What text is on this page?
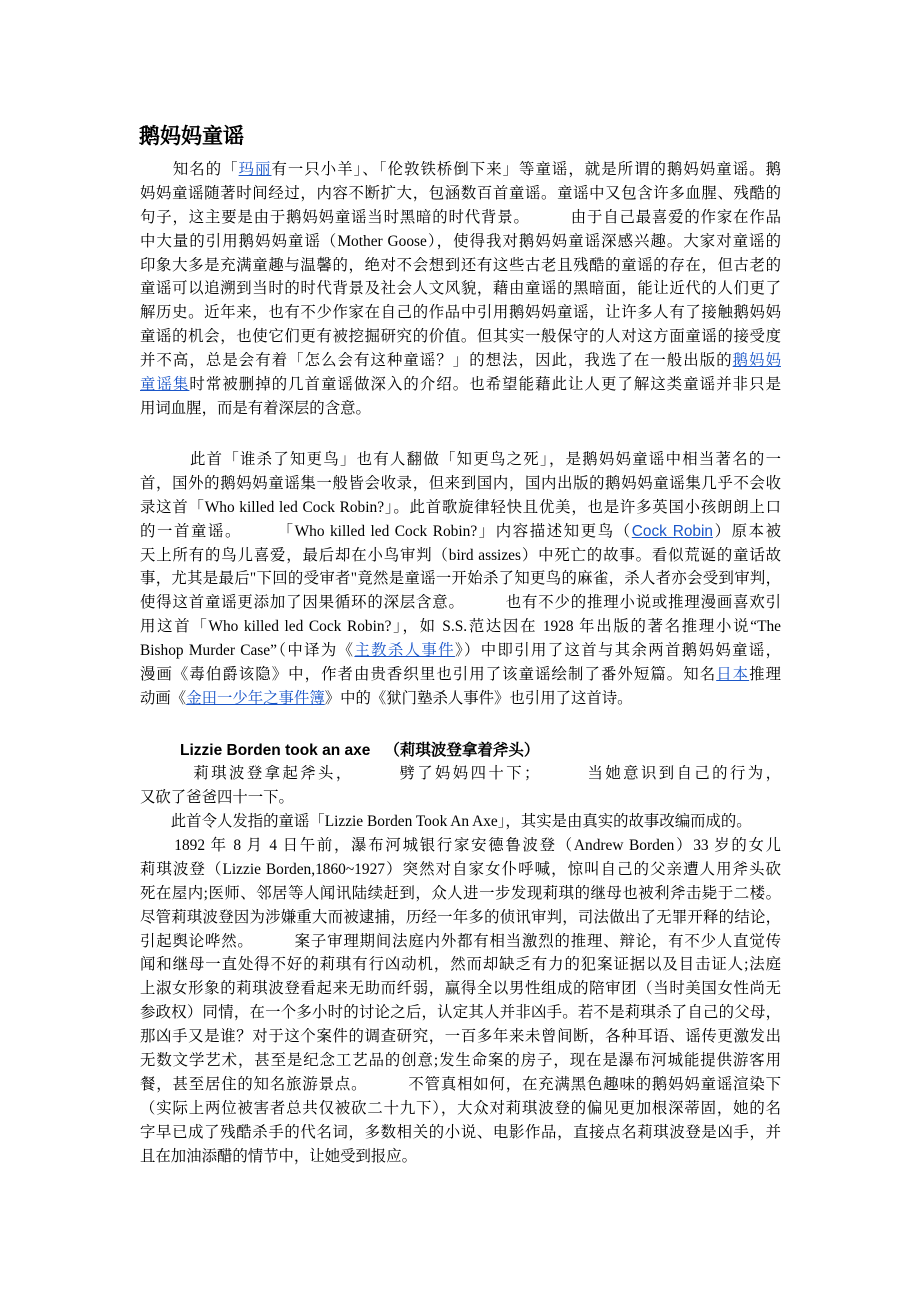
鹅妈妈童谣
　　知名的「玛丽有一只小羊」、「伦敦铁桥倒下来」等童谣，就是所谓的鹅妈妈童谣。鹅
妈妈童谣随著时间经过，内容不断扩大，包涵数百首童谣。童谣中又包含许多血腥、残酷的
句子，这主要是由于鹅妈妈童谣当时黑暗的时代背景。　　　由于自己最喜爱的作家在作品
中大量的引用鹅妈妈童谣（Mother Goose），使得我对鹅妈妈童谣深感兴趣。大家对童谣的
印象大多是充满童趣与温馨的，绝对不会想到还有这些古老且残酷的童谣的存在，但古老的
童谣可以追溯到当时的时代背景及社会人文风貌，藉由童谣的黑暗面，能让近代的人们更了
解历史。近年来，也有不少作家在自己的作品中引用鹅妈妈童谣，让许多人有了接触鹅妈妈
童谣的机会，也使它们更有被挖掘研究的价值。但其实一般保守的人对这方面童谣的接受度
并不高，总是会有着「怎么会有这种童谣？」的想法，因此，我选了在一般出版的鹅妈妈
童谣集时常被删掉的几首童谣做深入的介绍。也希望能藉此让人更了解这类童谣并非只是
用词血腥，而是有着深层的含意。
　　　此首「谁杀了知更鸟」也有人翻做「知更鸟之死」，是鹅妈妈童谣中相当著名的一
首，国外的鹅妈妈童谣集一般皆会收录，但来到国内，国内出版的鹅妈妈童谣集几乎不会收
录这首「Who killed led Cock Robin?」。此首歌旋律轻快且优美，也是许多英国小孩朗朗上口
的一首童谣。　　　「Who killed led Cock Robin?」内容描述知更鸟（Cock Robin）原本被
天上所有的鸟儿喜爱，最后却在小鸟审判（bird assizes）中死亡的故事。看似荒诞的童话故
事，尤其是最后"下回的受审者"竟然是童谣一开始杀了知更鸟的麻雀，杀人者亦会受到审判，
使得这首童谣更添加了因果循环的深层含意。　　　也有不少的推理小说或推理漫画喜欢引
用这首「Who killed led Cock Robin?」，如 S.S.范达因在 1928 年出版的著名推理小说“The
Bishop Murder Case”（中译为《主教杀人事件》）中即引用了这首与其余两首鹅妈妈童谣，
漫画《毒伯爵该隐》中，作者由贵香织里也引用了该童谣绘制了番外短篇。知名日本推理
动画《金田一少年之事件簿》中的《狱门塾杀人事件》也引用了这首诗。
Lizzie Borden took an axe （莉琪波登拿着斧头）
　　　莉琪波登拿起斧头，　　　劈了妈妈四十下；　　　当她意识到自己的行为，
又砍了爸爸四十一下。
　　此首令人发指的童谣「Lizzie Borden Took An Axe」，其实是由真实的故事改编而成的。
　　1892 年 8 月 4 日午前，瀑布河城银行家安德鲁波登（Andrew Borden）33 岁的女儿
莉琪波登（Lizzie Borden,1860~1927）突然对自家女仆呼喊，惊叫自己的父亲遭人用斧头砍
死在屋内;医师、邻居等人闻讯陆续赶到，众人进一步发现莉琪的继母也被利斧击毙于二楼。
尽管莉琪波登因为涉嫌重大而被逮捕，历经一年多的侦讯审判，司法做出了无罪开释的结论，
引起舆论哗然。　　　案子审理期间法庭内外都有相当激烈的推理、辩论，有不少人直觉传
闻和继母一直处得不好的莉琪有行凶动机，然而却缺乏有力的犯案证据以及目击证人;法庭
上淑女形象的莉琪波登看起来无助而纤弱，赢得全以男性组成的陪审团（当时美国女性尚无
参政权）同情，在一个多小时的讨论之后，认定其人并非凶手。若不是莉琪杀了自己的父母，
那凶手又是谁？对于这个案件的调查研究，一百多年来未曾间断，各种耳语、谣传更激发出
无数文学艺术，甚至是纪念工艺品的创意;发生命案的房子，现在是瀑布河城能提供游客用
餐，甚至居住的知名旅游景点。　　　不管真相如何，在充满黑色趣味的鹅妈妈童谣渲染下
（实际上两位被害者总共仅被砍二十九下），大众对莉琪波登的偏见更加根深蒂固，她的名
字早已成了残酷杀手的代名词，多数相关的小说、电影作品，直接点名莉琪波登是凶手，并
且在加油添醋的情节中，让她受到报应。
